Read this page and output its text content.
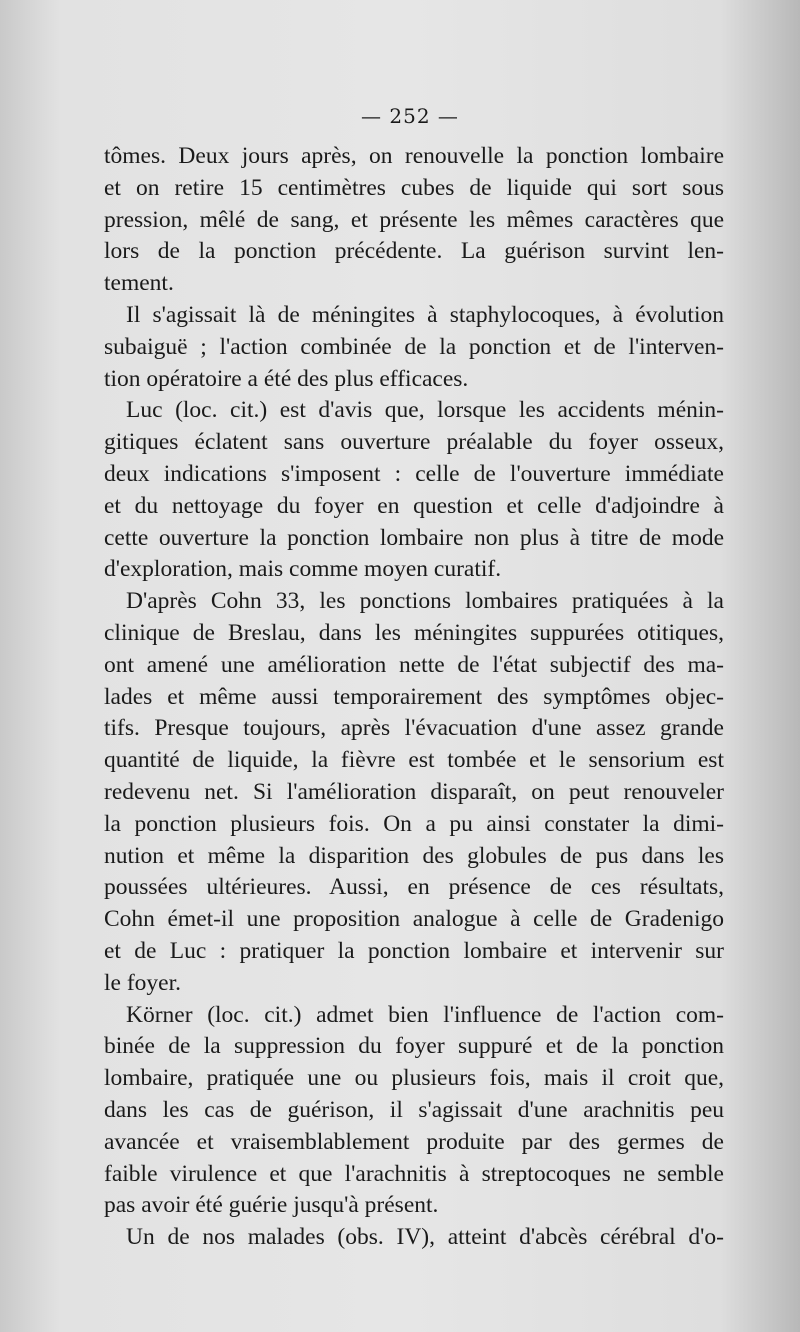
— 252 —
tômes. Deux jours après, on renouvelle la ponction lombaire
et on retire 15 centimètres cubes de liquide qui sort sous
pression, mêlé de sang, et présente les mêmes caractères que
lors de la ponction précédente. La guérison survint len-
tement.
Il s'agissait là de méningites à staphylocoques, à évolution
subaiguë ; l'action combinée de la ponction et de l'interven-
tion opératoire a été des plus efficaces.
Luc (loc. cit.) est d'avis que, lorsque les accidents ménin-
gitiques éclatent sans ouverture préalable du foyer osseux,
deux indications s'imposent : celle de l'ouverture immédiate
et du nettoyage du foyer en question et celle d'adjoindre à
cette ouverture la ponction lombaire non plus à titre de mode
d'exploration, mais comme moyen curatif.
D'après Cohn 33, les ponctions lombaires pratiquées à la
clinique de Breslau, dans les méningites suppurées otitiques,
ont amené une amélioration nette de l'état subjectif des ma-
lades et même aussi temporairement des symptômes objec-
tifs. Presque toujours, après l'évacuation d'une assez grande
quantité de liquide, la fièvre est tombée et le sensorium est
redevenu net. Si l'amélioration disparaît, on peut renouveler
la ponction plusieurs fois. On a pu ainsi constater la dimi-
nution et même la disparition des globules de pus dans les
poussées ultérieures. Aussi, en présence de ces résultats,
Cohn émet-il une proposition analogue à celle de Gradenigo
et de Luc : pratiquer la ponction lombaire et intervenir sur
le foyer.
Körner (loc. cit.) admet bien l'influence de l'action com-
binée de la suppression du foyer suppuré et de la ponction
lombaire, pratiquée une ou plusieurs fois, mais il croit que,
dans les cas de guérison, il s'agissait d'une arachnitis peu
avancée et vraisemblablement produite par des germes de
faible virulence et que l'arachnitis à streptocoques ne semble
pas avoir été guérie jusqu'à présent.
Un de nos malades (obs. IV), atteint d'abcès cérébral d'o-
